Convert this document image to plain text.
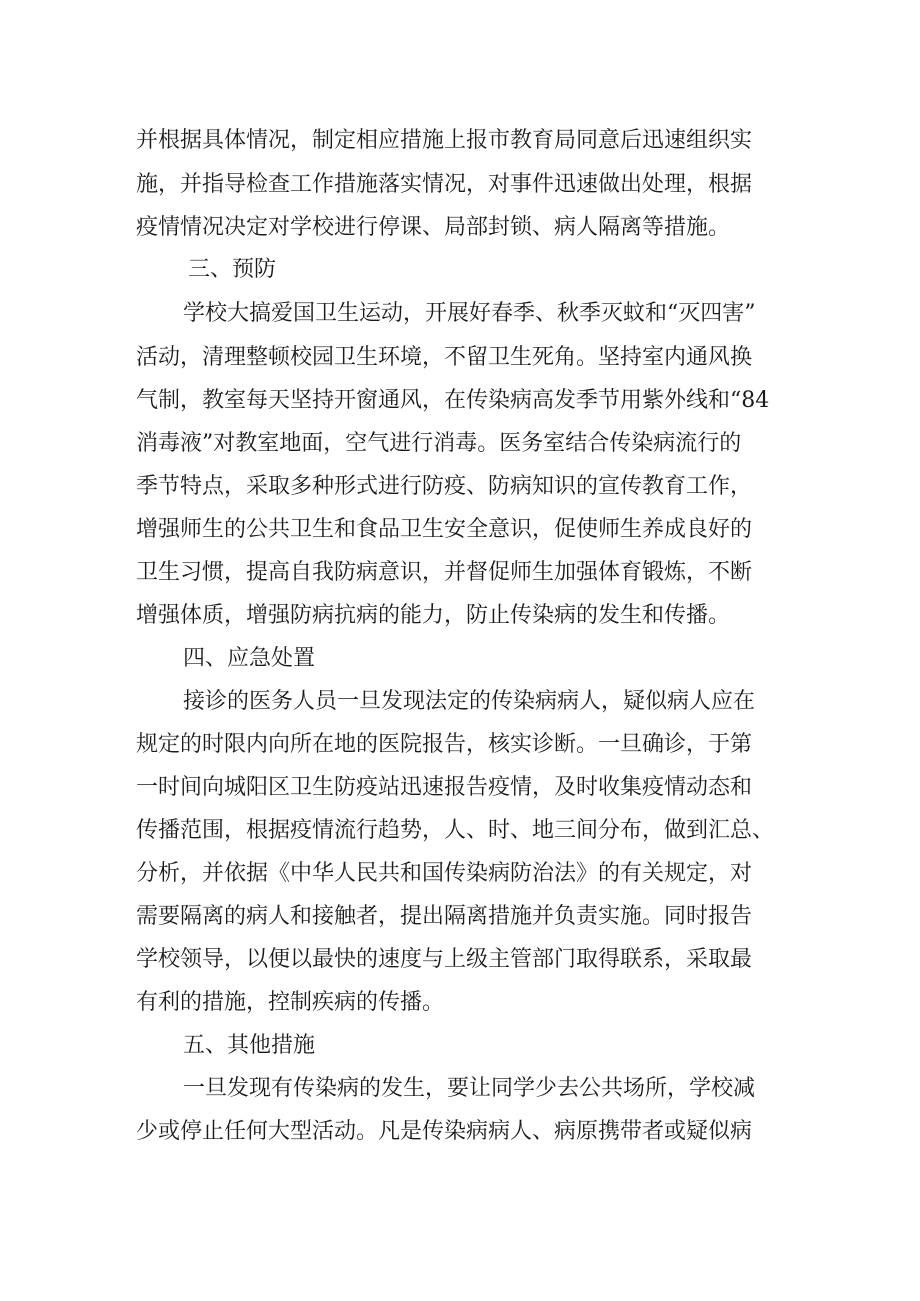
并根据具体情况，制定相应措施上报市教育局同意后迅速组织实
施，并指导检查工作措施落实情况，对事件迅速做出处理，根据
疫情情况决定对学校进行停课、局部封锁、病人隔离等措施。
三、预防
学校大搞爱国卫生运动，开展好春季、秋季灭蚊和“灭四害”
活动，清理整顿校园卫生环境，不留卫生死角。坚持室内通风换
气制，教室每天坚持开窗通风，在传染病高发季节用紫外线和“84
消毒液”对教室地面，空气进行消毒。医务室结合传染病流行的
季节特点，采取多种形式进行防疫、防病知识的宣传教育工作，
增强师生的公共卫生和食品卫生安全意识，促使师生养成良好的
卫生习惯，提高自我防病意识，并督促师生加强体育锻炼，不断
增强体质，增强防病抗病的能力，防止传染病的发生和传播。
四、应急处置
接诊的医务人员一旦发现法定的传染病病人，疑似病人应在
规定的时限内向所在地的医院报告，核实诊断。一旦确诊，于第
一时间向城阳区卫生防疫站迅速报告疫情，及时收集疫情动态和
传播范围，根据疫情流行趋势，人、时、地三间分布，做到汇总、
分析，并依据《中华人民共和国传染病防治法》的有关规定，对
需要隔离的病人和接触者，提出隔离措施并负责实施。同时报告
学校领导，以便以最快的速度与上级主管部门取得联系，采取最
有利的措施，控制疾病的传播。
五、其他措施
一旦发现有传染病的发生，要让同学少去公共场所，学校减
少或停止任何大型活动。凡是传染病病人、病原携带者或疑似病
